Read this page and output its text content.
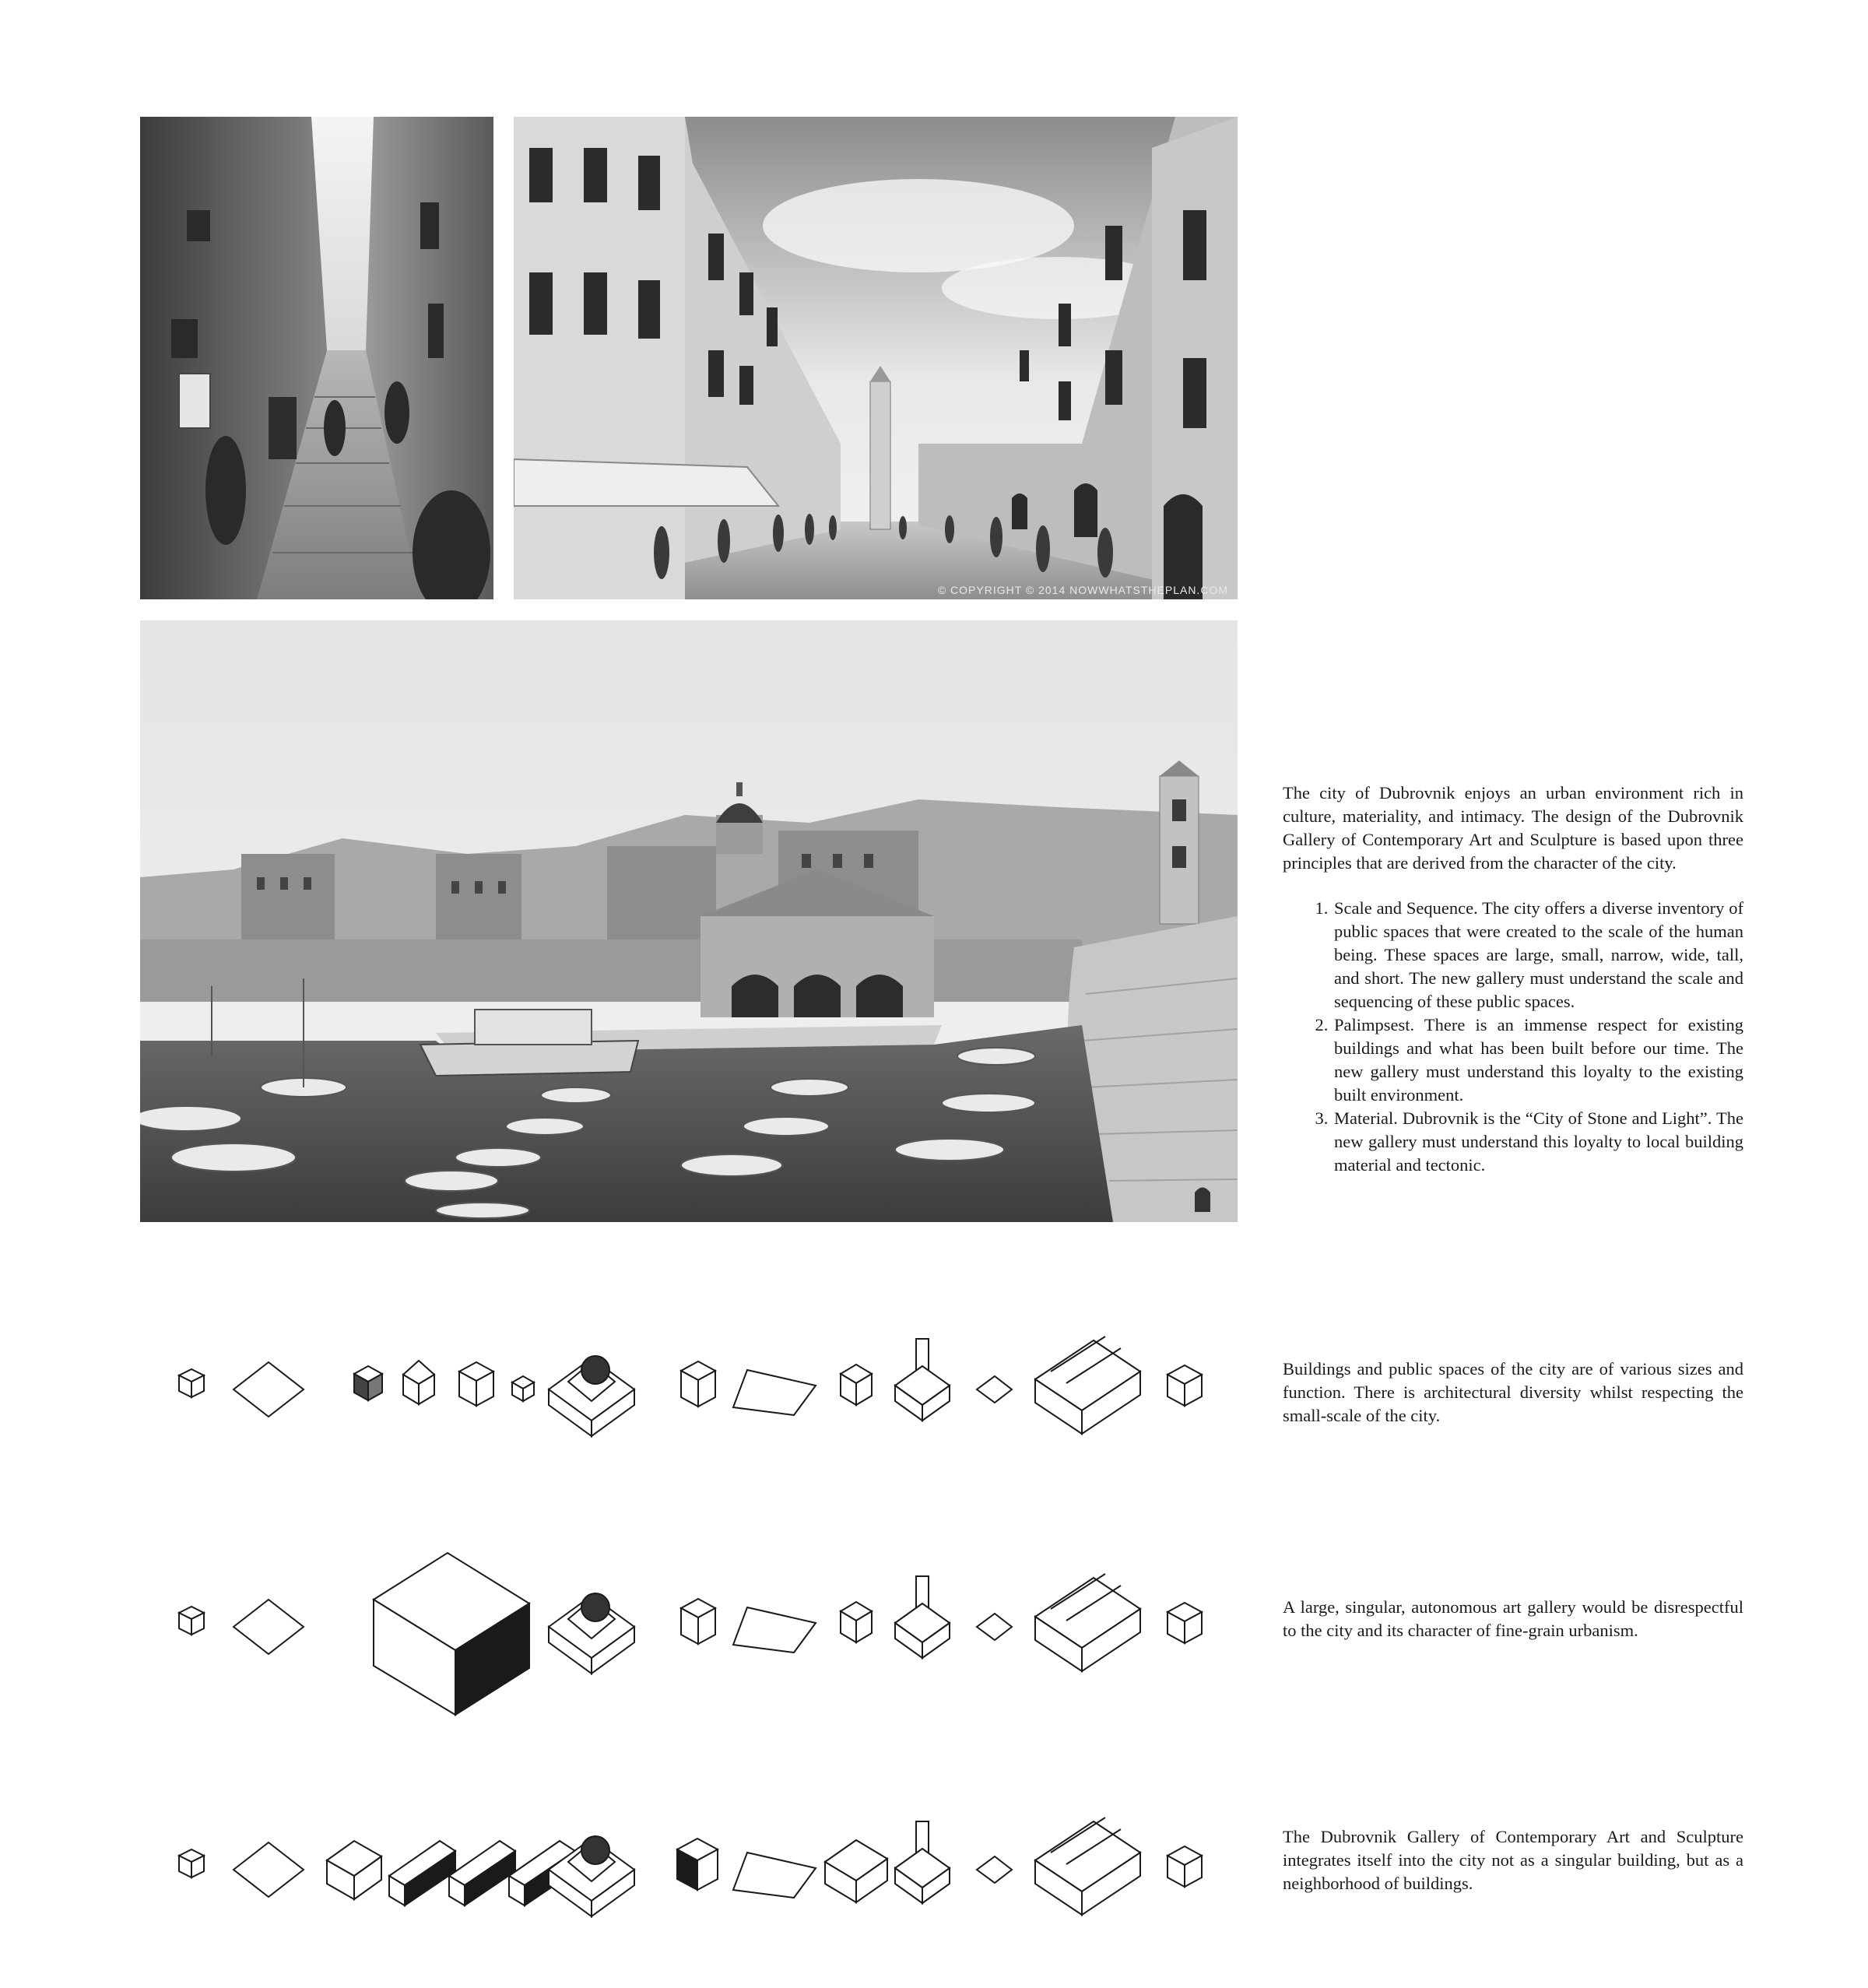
© COPYRIGHT © 2014 NOWWHATSTHEPLAN.COM

The city of Dubrovnik enjoys an urban environment rich in culture, materiality, and intimacy. The design of the Dubrovnik Gallery of Contemporary Art and Sculpture is based upon three principles that are derived from the character of the city.

1. Scale and Sequence. The city offers a diverse inventory of public spaces that were created to the scale of the human being. These spaces are large, small, narrow, wide, tall, and short. The new gallery must understand the scale and sequencing of these public spaces.
2. Palimpsest. There is an immense respect for existing buildings and what has been built before our time. The new gallery must understand this loyalty to the existing built environment.
3. Material. Dubrovnik is the “City of Stone and Light”. The new gallery must understand this loyalty to local building material and tectonic.
Buildings and public spaces of the city are of various sizes and function. There is architectural diversity whilst respecting the small-scale of the city.
A large, singular, autonomous art gallery would be disrespectful to the city and its character of fine-grain urbanism.
The Dubrovnik Gallery of Contemporary Art and Sculpture integrates itself into the city not as a singular building, but as a neighborhood of buildings.
